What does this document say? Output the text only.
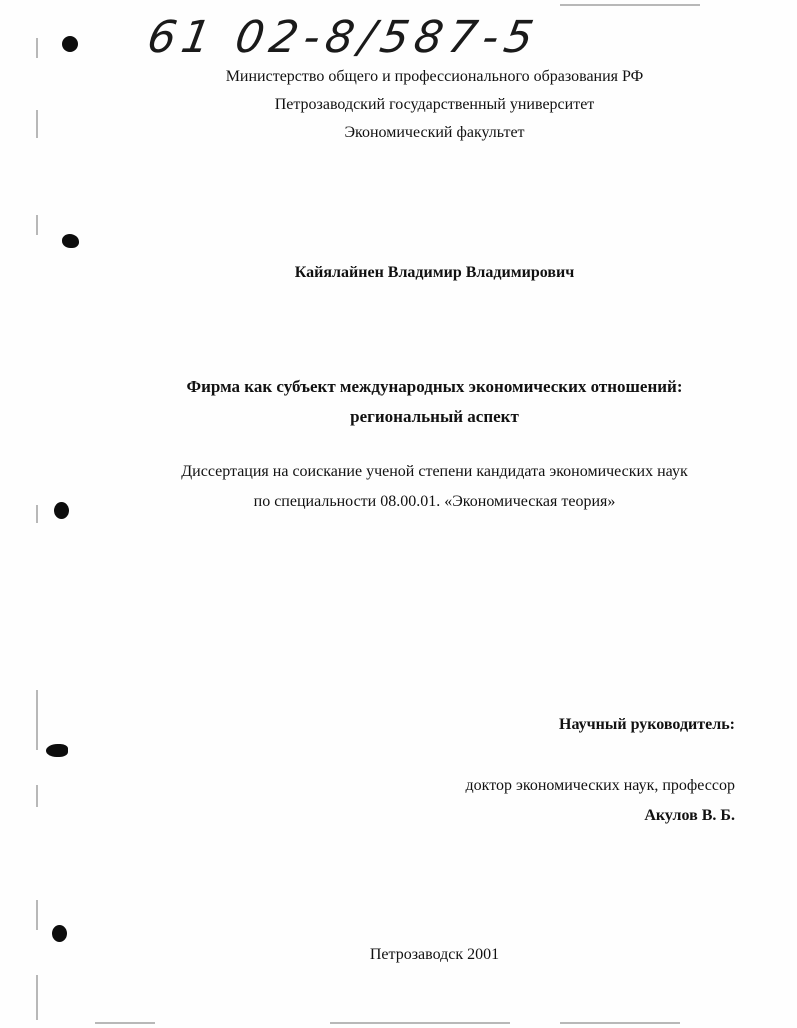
61 02-8/587-5
Министерство общего и профессионального образования РФ
Петрозаводский государственный университет
Экономический факультет
Кайялайнен Владимир Владимирович
Фирма как субъект международных экономических отношений:
региональный аспект
Диссертация на соискание ученой степени кандидата экономических наук
по специальности 08.00.01. «Экономическая теория»
Научный руководитель:
доктор экономических наук, профессор
Акулов В. Б.
Петрозаводск 2001
